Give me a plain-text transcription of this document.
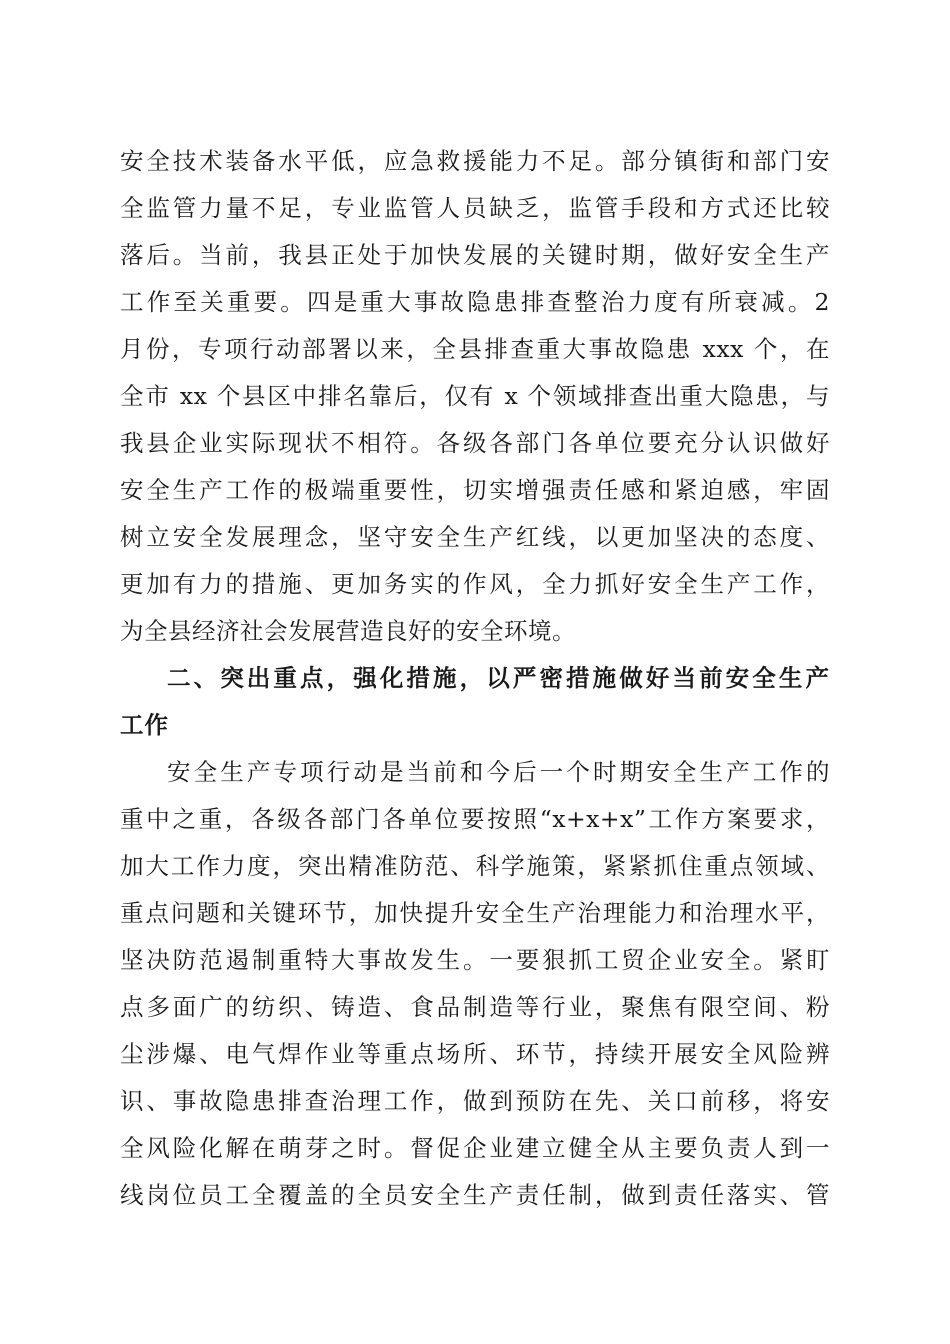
安全技术装备水平低，应急救援能力不足。部分镇街和部门安
全监管力量不足，专业监管人员缺乏，监管手段和方式还比较
落后。当前，我县正处于加快发展的关键时期，做好安全生产
工作至关重要。四是重大事故隐患排查整治力度有所衰减。2
月份，专项行动部署以来，全县排查重大事故隐患 xxx 个，在
全市 xx 个县区中排名靠后，仅有 x 个领域排查出重大隐患，与
我县企业实际现状不相符。各级各部门各单位要充分认识做好
安全生产工作的极端重要性，切实增强责任感和紧迫感，牢固
树立安全发展理念，坚守安全生产红线，以更加坚决的态度、
更加有力的措施、更加务实的作风，全力抓好安全生产工作，
为全县经济社会发展营造良好的安全环境。
二、突出重点，强化措施，以严密措施做好当前安全生产
工作
安全生产专项行动是当前和今后一个时期安全生产工作的
重中之重，各级各部门各单位要按照“x+x+x”工作方案要求，
加大工作力度，突出精准防范、科学施策，紧紧抓住重点领域、
重点问题和关键环节，加快提升安全生产治理能力和治理水平，
坚决防范遏制重特大事故发生。一要狠抓工贸企业安全。紧盯
点多面广的纺织、铸造、食品制造等行业，聚焦有限空间、粉
尘涉爆、电气焊作业等重点场所、环节，持续开展安全风险辨
识、事故隐患排查治理工作，做到预防在先、关口前移，将安
全风险化解在萌芽之时。督促企业建立健全从主要负责人到一
线岗位员工全覆盖的全员安全生产责任制，做到责任落实、管
